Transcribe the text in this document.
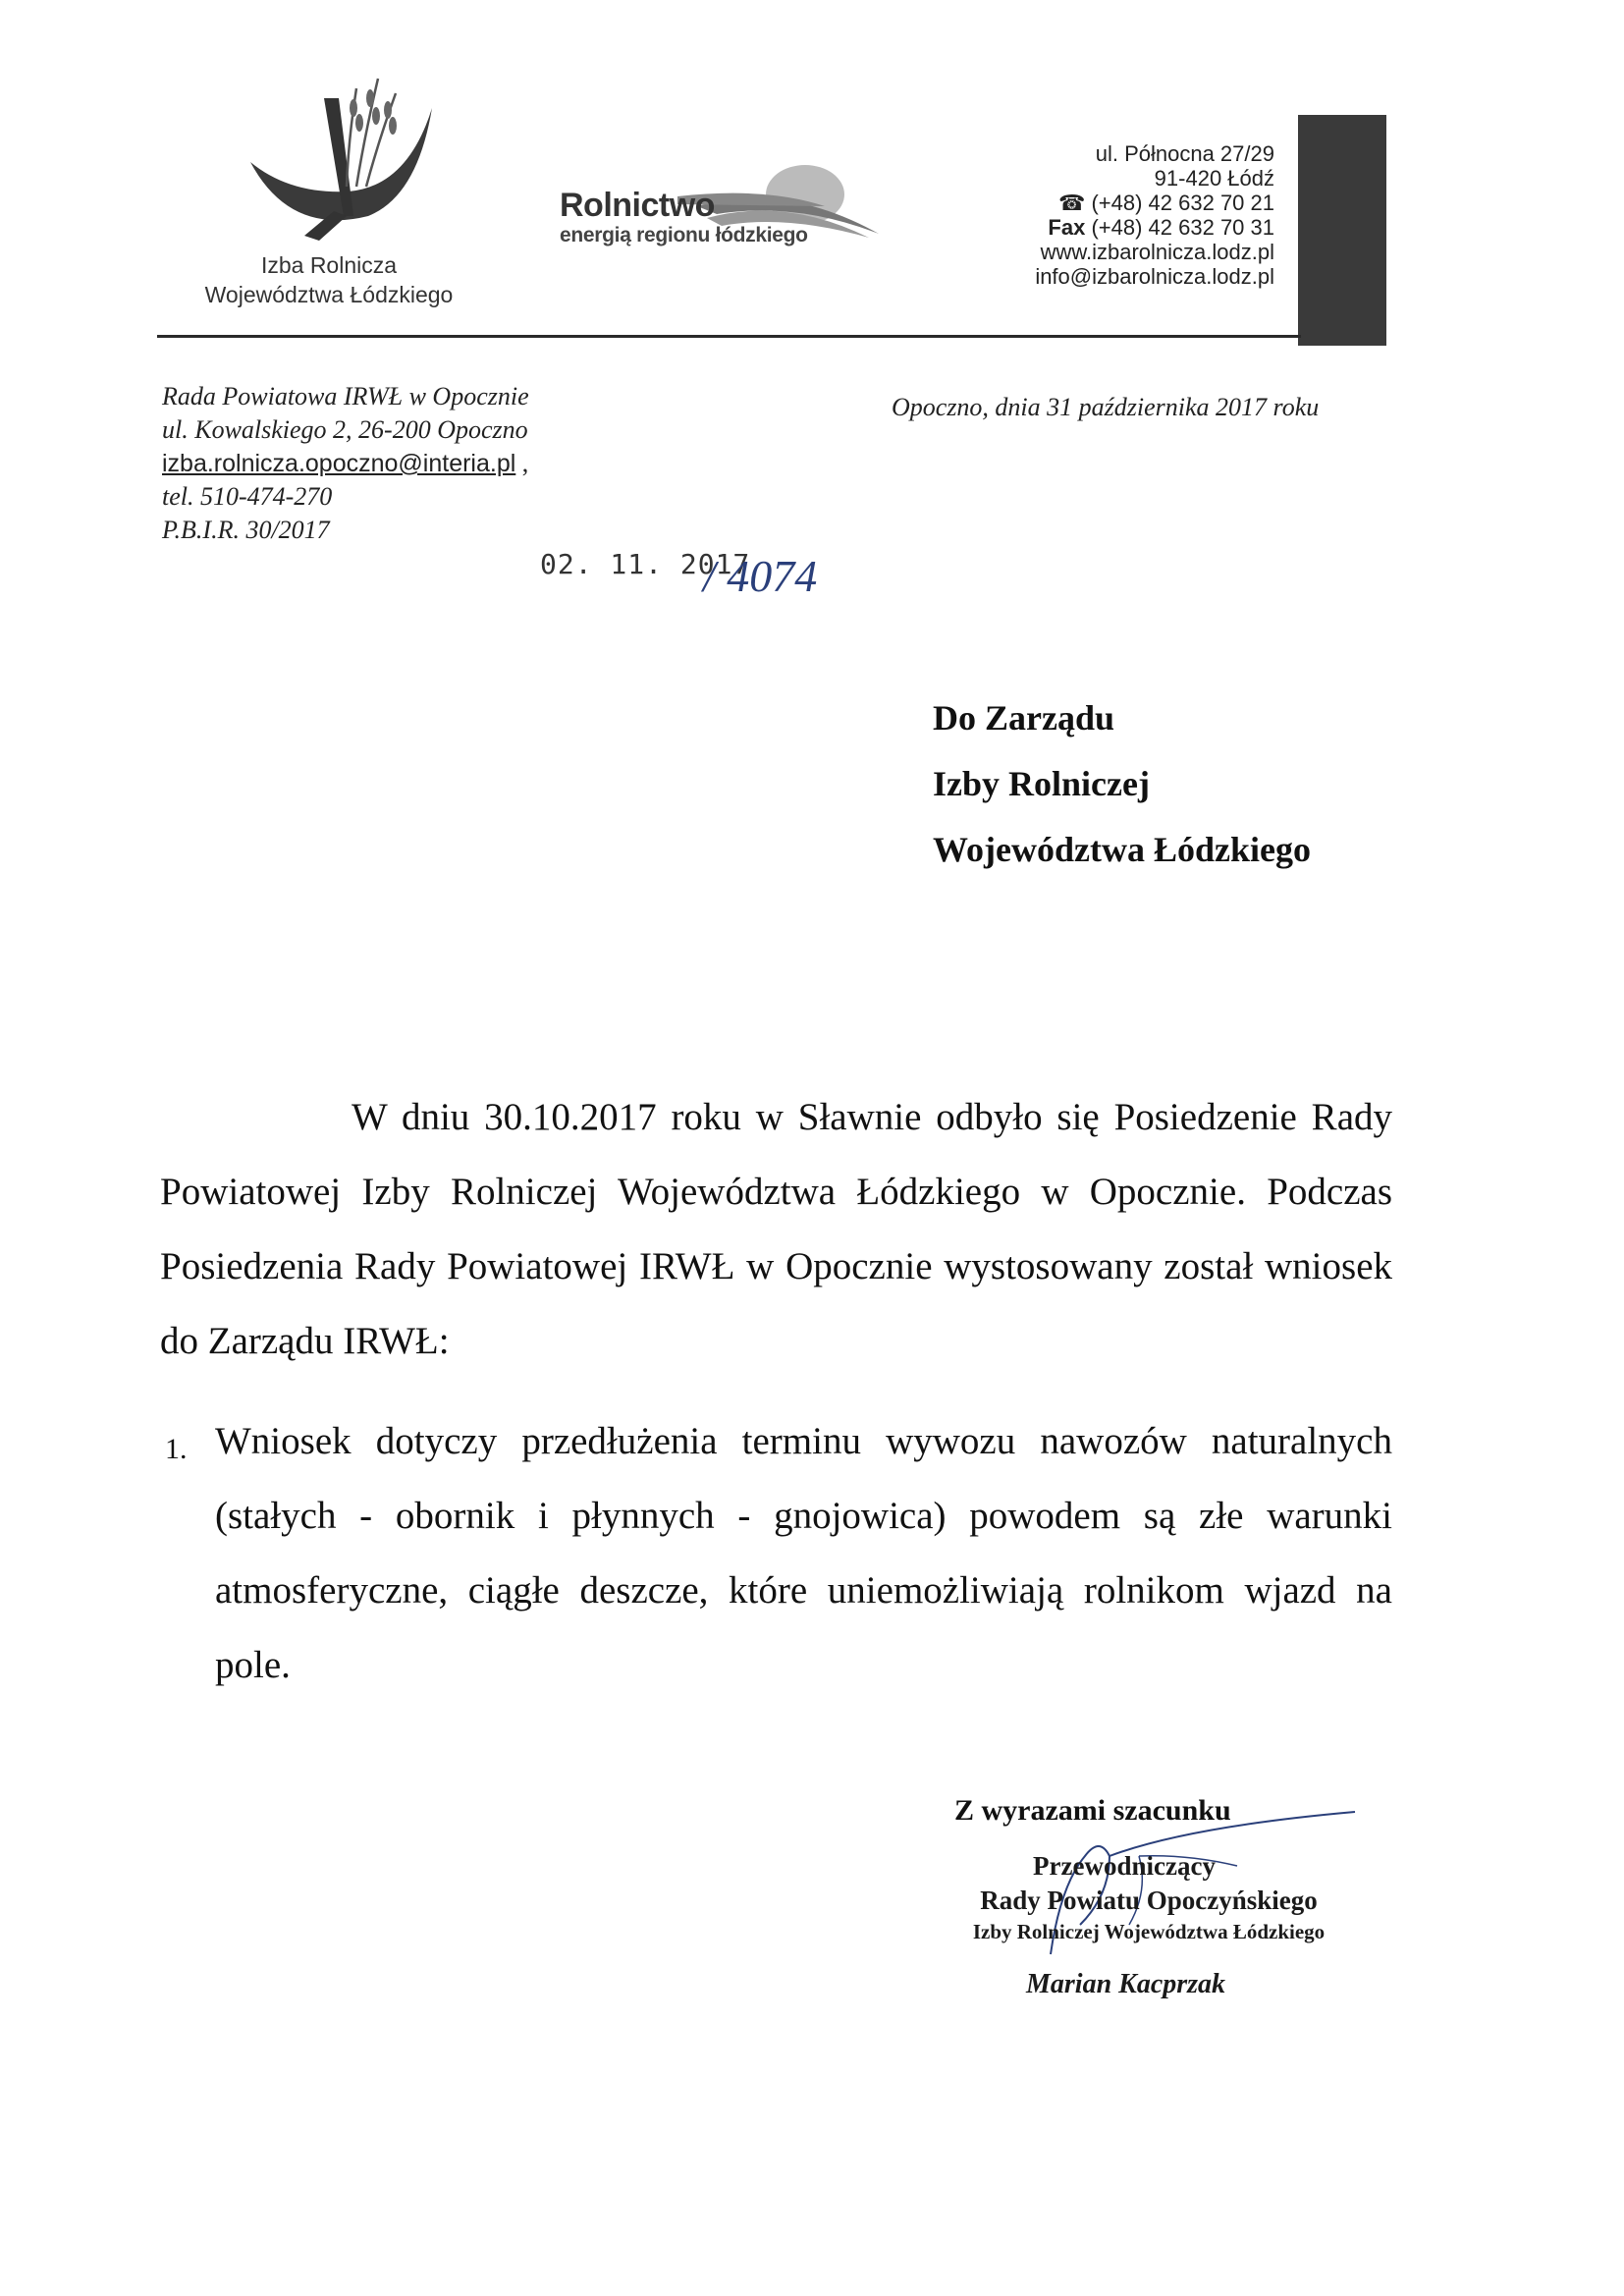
Izba Rolnicza
Województwa Łódzkiego
Rolnictwo
energią regionu łódzkiego
ul. Północna 27/29
91-420 Łódź
☎ (+48) 42 632 70 21
Fax (+48) 42 632 70 31
www.izbarolnicza.lodz.pl
info@izbarolnicza.lodz.pl
Rada Powiatowa IRWŁ w Opocznie
ul. Kowalskiego 2, 26-200 Opoczno
izba.rolnicza.opoczno@interia.pl ,
tel. 510-474-270
P.B.I.R. 30/2017
Opoczno, dnia 31 października 2017 roku
02. 11. 2017
/ 4074
Do Zarządu
Izby Rolniczej
Województwa Łódzkiego
W dniu 30.10.2017 roku w Sławnie odbyło się Posiedzenie Rady Powiatowej Izby Rolniczej Województwa Łódzkiego w Opocznie. Podczas Posiedzenia Rady Powiatowej IRWŁ w Opocznie wystosowany został wniosek do Zarządu IRWŁ:
1. Wniosek dotyczy przedłużenia terminu wywozu nawozów naturalnych (stałych - obornik i płynnych - gnojowica) powodem są złe warunki atmosferyczne, ciągłe deszcze, które uniemożliwiają rolnikom wjazd na pole.
Z wyrazami szacunku
Przewodniczący
Rady Powiatu Opoczyńskiego
Izby Rolniczej Województwa Łódzkiego
Marian Kacprzak
